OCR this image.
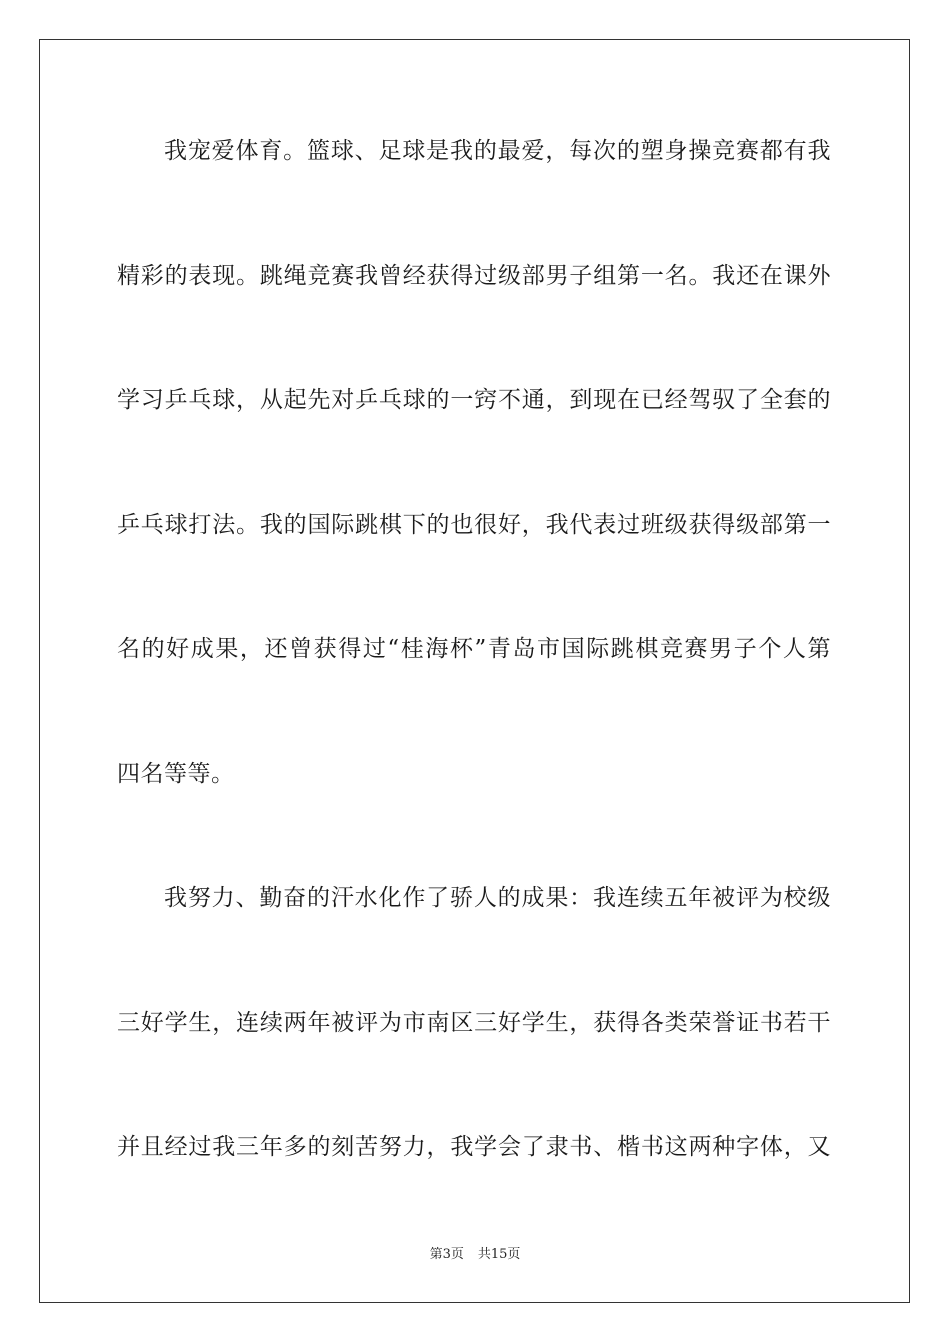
我宠爱体育。篮球、足球是我的最爱，每次的塑身操竞赛都有我
精彩的表现。跳绳竞赛我曾经获得过级部男子组第一名。我还在课外
学习乒乓球，从起先对乒乓球的一窍不通，到现在已经驾驭了全套的
乒乓球打法。我的国际跳棋下的也很好，我代表过班级获得级部第一
名的好成果，还曾获得过“桂海杯”青岛市国际跳棋竞赛男子个人第
四名等等。
我努力、勤奋的汗水化作了骄人的成果：我连续五年被评为校级
三好学生，连续两年被评为市南区三好学生，获得各类荣誉证书若干
并且经过我三年多的刻苦努力，我学会了隶书、楷书这两种字体，又
第3页 共15页
